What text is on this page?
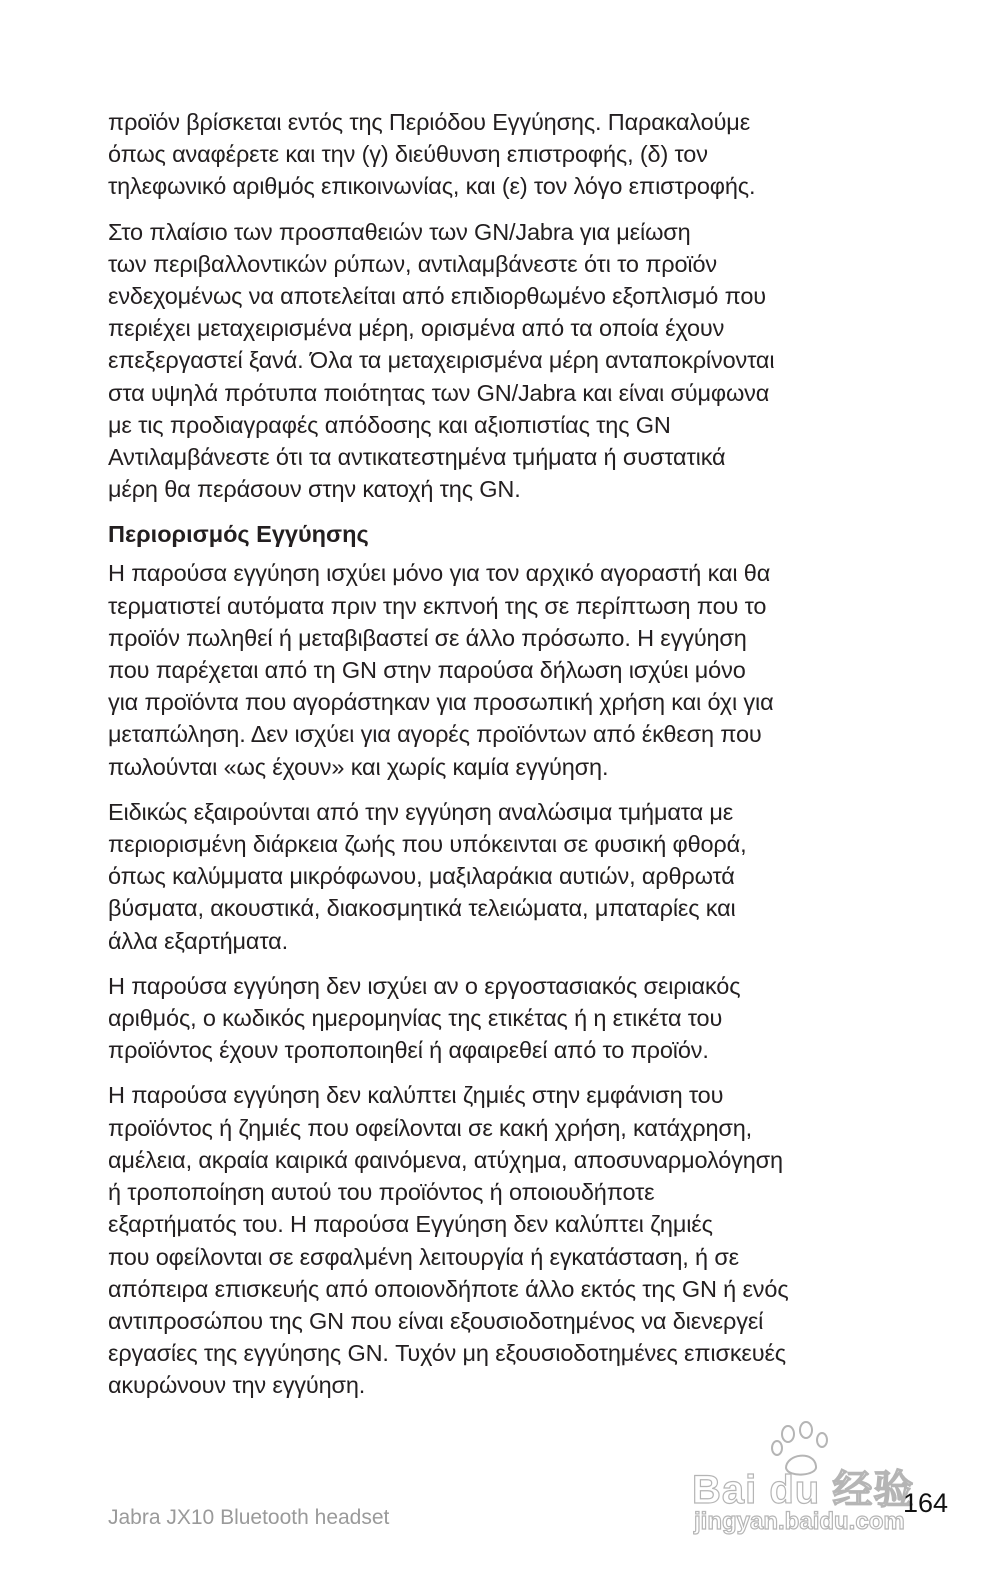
προϊόν βρίσκεται εντός της Περιόδου Εγγύησης. Παρακαλούμε
όπως αναφέρετε και την (γ) διεύθυνση επιστροφής, (δ) τον
τηλεφωνικό αριθμός επικοινωνίας, και (ε) τον λόγο επιστροφής.

Στο πλαίσιο των προσπαθειών των GN/Jabra για μείωση
των περιβαλλοντικών ρύπων, αντιλαμβάνεστε ότι το προϊόν
ενδεχομένως να αποτελείται από επιδιορθωμένο εξοπλισμό που
περιέχει μεταχειρισμένα μέρη, ορισμένα από τα οποία έχουν
επεξεργαστεί ξανά. Όλα τα μεταχειρισμένα μέρη ανταποκρίνονται
στα υψηλά πρότυπα ποιότητας των GN/Jabra και είναι σύμφωνα
με τις προδιαγραφές απόδοσης και αξιοπιστίας της GN
Αντιλαμβάνεστε ότι τα αντικατεστημένα τμήματα ή συστατικά
μέρη θα περάσουν στην κατοχή της GN.

Περιορισμός Εγγύησης

Η παρούσα εγγύηση ισχύει μόνο για τον αρχικό αγοραστή και θα
τερματιστεί αυτόματα πριν την εκπνοή της σε περίπτωση που το
προϊόν πωληθεί ή μεταβιβαστεί σε άλλο πρόσωπο. Η εγγύηση
που παρέχεται από τη GN στην παρούσα δήλωση ισχύει μόνο
για προϊόντα που αγοράστηκαν για προσωπική χρήση και όχι για
μεταπώληση. Δεν ισχύει για αγορές προϊόντων από έκθεση που
πωλούνται «ως έχουν» και χωρίς καμία εγγύηση.

Ειδικώς εξαιρούνται από την εγγύηση αναλώσιμα τμήματα με
περιορισμένη διάρκεια ζωής που υπόκεινται σε φυσική φθορά,
όπως καλύμματα μικρόφωνου, μαξιλαράκια αυτιών, αρθρωτά
βύσματα, ακουστικά, διακοσμητικά τελειώματα, μπαταρίες και
άλλα εξαρτήματα.

Η παρούσα εγγύηση δεν ισχύει αν ο εργοστασιακός σειριακός
αριθμός, ο κωδικός ημερομηνίας της ετικέτας ή η ετικέτα του
προϊόντος έχουν τροποποιηθεί ή αφαιρεθεί από το προϊόν.

Η παρούσα εγγύηση δεν καλύπτει ζημιές στην εμφάνιση του
προϊόντος ή ζημιές που οφείλονται σε κακή χρήση, κατάχρηση,
αμέλεια, ακραία καιρικά φαινόμενα, ατύχημα, αποσυναρμολόγηση
ή τροποποίηση αυτού του προϊόντος ή οποιουδήποτε
εξαρτήματός του. Η παρούσα Εγγύηση δεν καλύπτει ζημιές
που οφείλονται σε εσφαλμένη λειτουργία ή εγκατάσταση, ή σε
απόπειρα επισκευής από οποιονδήποτε άλλο εκτός της GN ή ενός
αντιπροσώπου της GN που είναι εξουσιοδοτημένος να διενεργεί
εργασίες της εγγύησης GN. Τυχόν μη εξουσιοδοτημένες επισκευές
ακυρώνουν την εγγύηση.

Bai du 经验
jingyan.baidu.com
Jabra JX10 Bluetooth headset	164
